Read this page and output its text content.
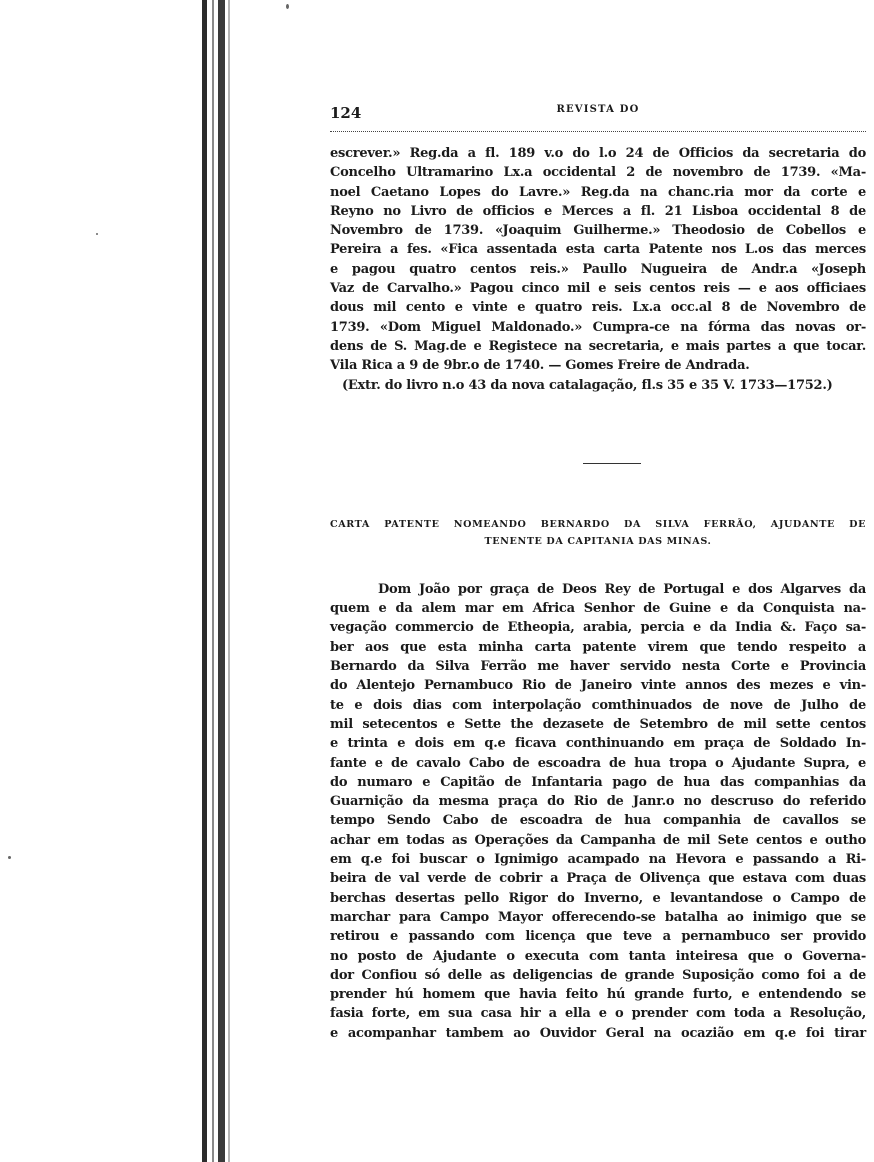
124	REVISTA DO
escrever.» Reg.da a fl. 189 v.o do l.o 24 de Officios da secretaria do
Concelho Ultramarino Lx.a occidental 2 de novembro de 1739. «Ma-
noel Caetano Lopes do Lavre.» Reg.da na chanc.ria mor da corte e
Reyno no Livro de officios e Merces a fl. 21 Lisboa occidental 8 de
Novembro de 1739. «Joaquim Guilherme.» Theodosio de Cobellos e
Pereira a fes. «Fica assentada esta carta Patente nos L.os das merces
e pagou quatro centos reis.» Paullo Nugueira de Andr.a «Joseph
Vaz de Carvalho.» Pagou cinco mil e seis centos reis — e aos officiaes
dous mil cento e vinte e quatro reis. Lx.a occ.al 8 de Novembro de
1739. «Dom Miguel Maldonado.» Cumpra-ce na fórma das novas or-
dens de S. Mag.de e Registece na secretaria, e mais partes a que tocar.
Vila Rica a 9 de 9br.o de 1740. — Gomes Freire de Andrada.
(Extr. do livro n.o 43 da nova catalagação, fl.s 35 e 35 V. 1733—1752.)
CARTA PATENTE NOMEANDO BERNARDO DA SILVA FERRÃO, AJUDANTE DE
TENENTE DA CAPITANIA DAS MINAS.
Dom João por graça de Deos Rey de Portugal e dos Algarves da
quem e da alem mar em Africa Senhor de Guine e da Conquista na-
vegação commercio de Etheopia, arabia, percia e da India &. Faço sa-
ber aos que esta minha carta patente virem que tendo respeito a
Bernardo da Silva Ferrão me haver servido nesta Corte e Provincia
do Alentejo Pernambuco Rio de Janeiro vinte annos des mezes e vin-
te e dois dias com interpolação comthinuados de nove de Julho de
mil setecentos e Sette the dezasete de Setembro de mil sette centos
e trinta e dois em q.e ficava conthinuando em praça de Soldado In-
fante e de cavalo Cabo de escoadra de hua tropa o Ajudante Supra, e
do numaro e Capitão de Infantaria pago de hua das companhias da
Guarnição da mesma praça do Rio de Janr.o no descruso do referido
tempo Sendo Cabo de escoadra de hua companhia de cavallos se
achar em todas as Operações da Campanha de mil Sete centos e outho
em q.e foi buscar o Ignimigo acampado na Hevora e passando a Ri-
beira de val verde de cobrir a Praça de Olivença que estava com duas
berchas desertas pello Rigor do Inverno, e levantandose o Campo de
marchar para Campo Mayor offerecendo-se batalha ao inimigo que se
retirou e passando com licença que teve a pernambuco ser provido
no posto de Ajudante o executa com tanta inteiresa que o Governa-
dor Confiou só delle as deligencias de grande Suposição como foi a de
prender hú homem que havia feito hú grande furto, e entendendo se
fasia forte, em sua casa hir a ella e o prender com toda a Resolução,
e acompanhar tambem ao Ouvidor Geral na ocazião em q.e foi tirar
